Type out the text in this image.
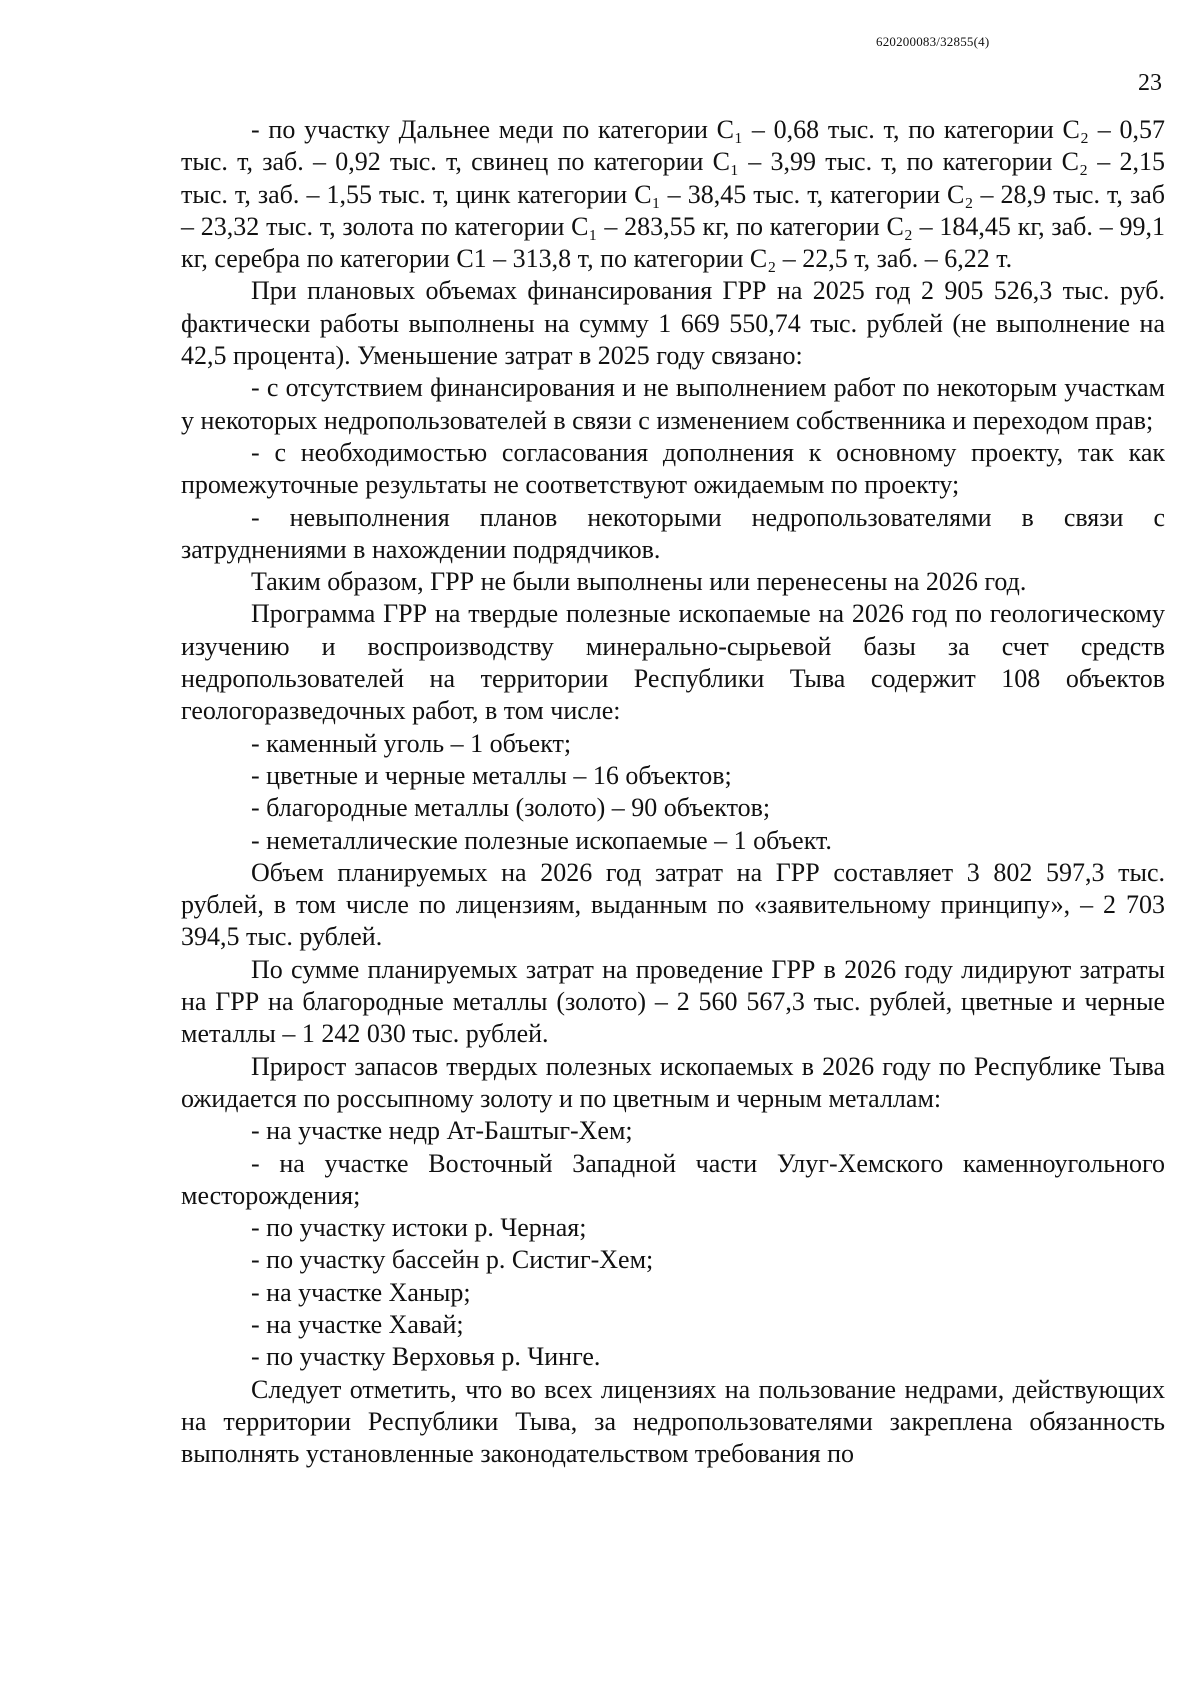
620200083/32855(4)
23

- по участку Дальнее меди по категории С₁ – 0,68 тыс. т, по категории С₂ – 0,57 тыс. т, заб. – 0,92 тыс. т, свинец по категории С₁ – 3,99 тыс. т, по категории С₂ – 2,15 тыс. т, заб. – 1,55 тыс. т, цинк категории С₁ – 38,45 тыс. т, категории С₂ – 28,9 тыс. т, заб – 23,32 тыс. т, золота по категории С₁ – 283,55 кг, по категории С₂ – 184,45 кг, заб. – 99,1 кг, серебра по категории С1 – 313,8 т, по категории С₂ – 22,5 т, заб. – 6,22 т.

При плановых объемах финансирования ГРР на 2025 год 2 905 526,3 тыс. руб. фактически работы выполнены на сумму 1 669 550,74 тыс. рублей (не выполнение на 42,5 процента). Уменьшение затрат в 2025 году связано:

- с отсутствием финансирования и не выполнением работ по некоторым участкам у некоторых недропользователей в связи с изменением собственника и переходом прав;

- с необходимостью согласования дополнения к основному проекту, так как промежуточные результаты не соответствуют ожидаемым по проекту;

- невыполнения планов некоторыми недропользователями в связи с затруднениями в нахождении подрядчиков.

Таким образом, ГРР не были выполнены или перенесены на 2026 год.

Программа ГРР на твердые полезные ископаемые на 2026 год по геологическому изучению и воспроизводству минерально-сырьевой базы за счет средств недропользователей на территории Республики Тыва содержит 108 объектов геологоразведочных работ, в том числе:

- каменный уголь – 1 объект;

- цветные и черные металлы – 16 объектов;

- благородные металлы (золото) – 90 объектов;

- неметаллические полезные ископаемые – 1 объект.

Объем планируемых на 2026 год затрат на ГРР составляет 3 802 597,3 тыс. рублей, в том числе по лицензиям, выданным по «заявительному принципу», – 2 703 394,5 тыс. рублей.

По сумме планируемых затрат на проведение ГРР в 2026 году лидируют затраты на ГРР на благородные металлы (золото) – 2 560 567,3 тыс. рублей, цветные и черные металлы – 1 242 030 тыс. рублей.

Прирост запасов твердых полезных ископаемых в 2026 году по Республике Тыва ожидается по россыпному золоту и по цветным и черным металлам:

- на участке недр Ат-Баштыг-Хем;

- на участке Восточный Западной части Улуг-Хемского каменноугольного месторождения;

- по участку истоки р. Черная;

- по участку бассейн р. Систиг-Хем;

- на участке Ханыр;

- на участке Хавай;

- по участку Верховья р. Чинге.

Следует отметить, что во всех лицензиях на пользование недрами, действующих на территории Республики Тыва, за недропользователями закреплена обязанность выполнять установленные законодательством требования по
